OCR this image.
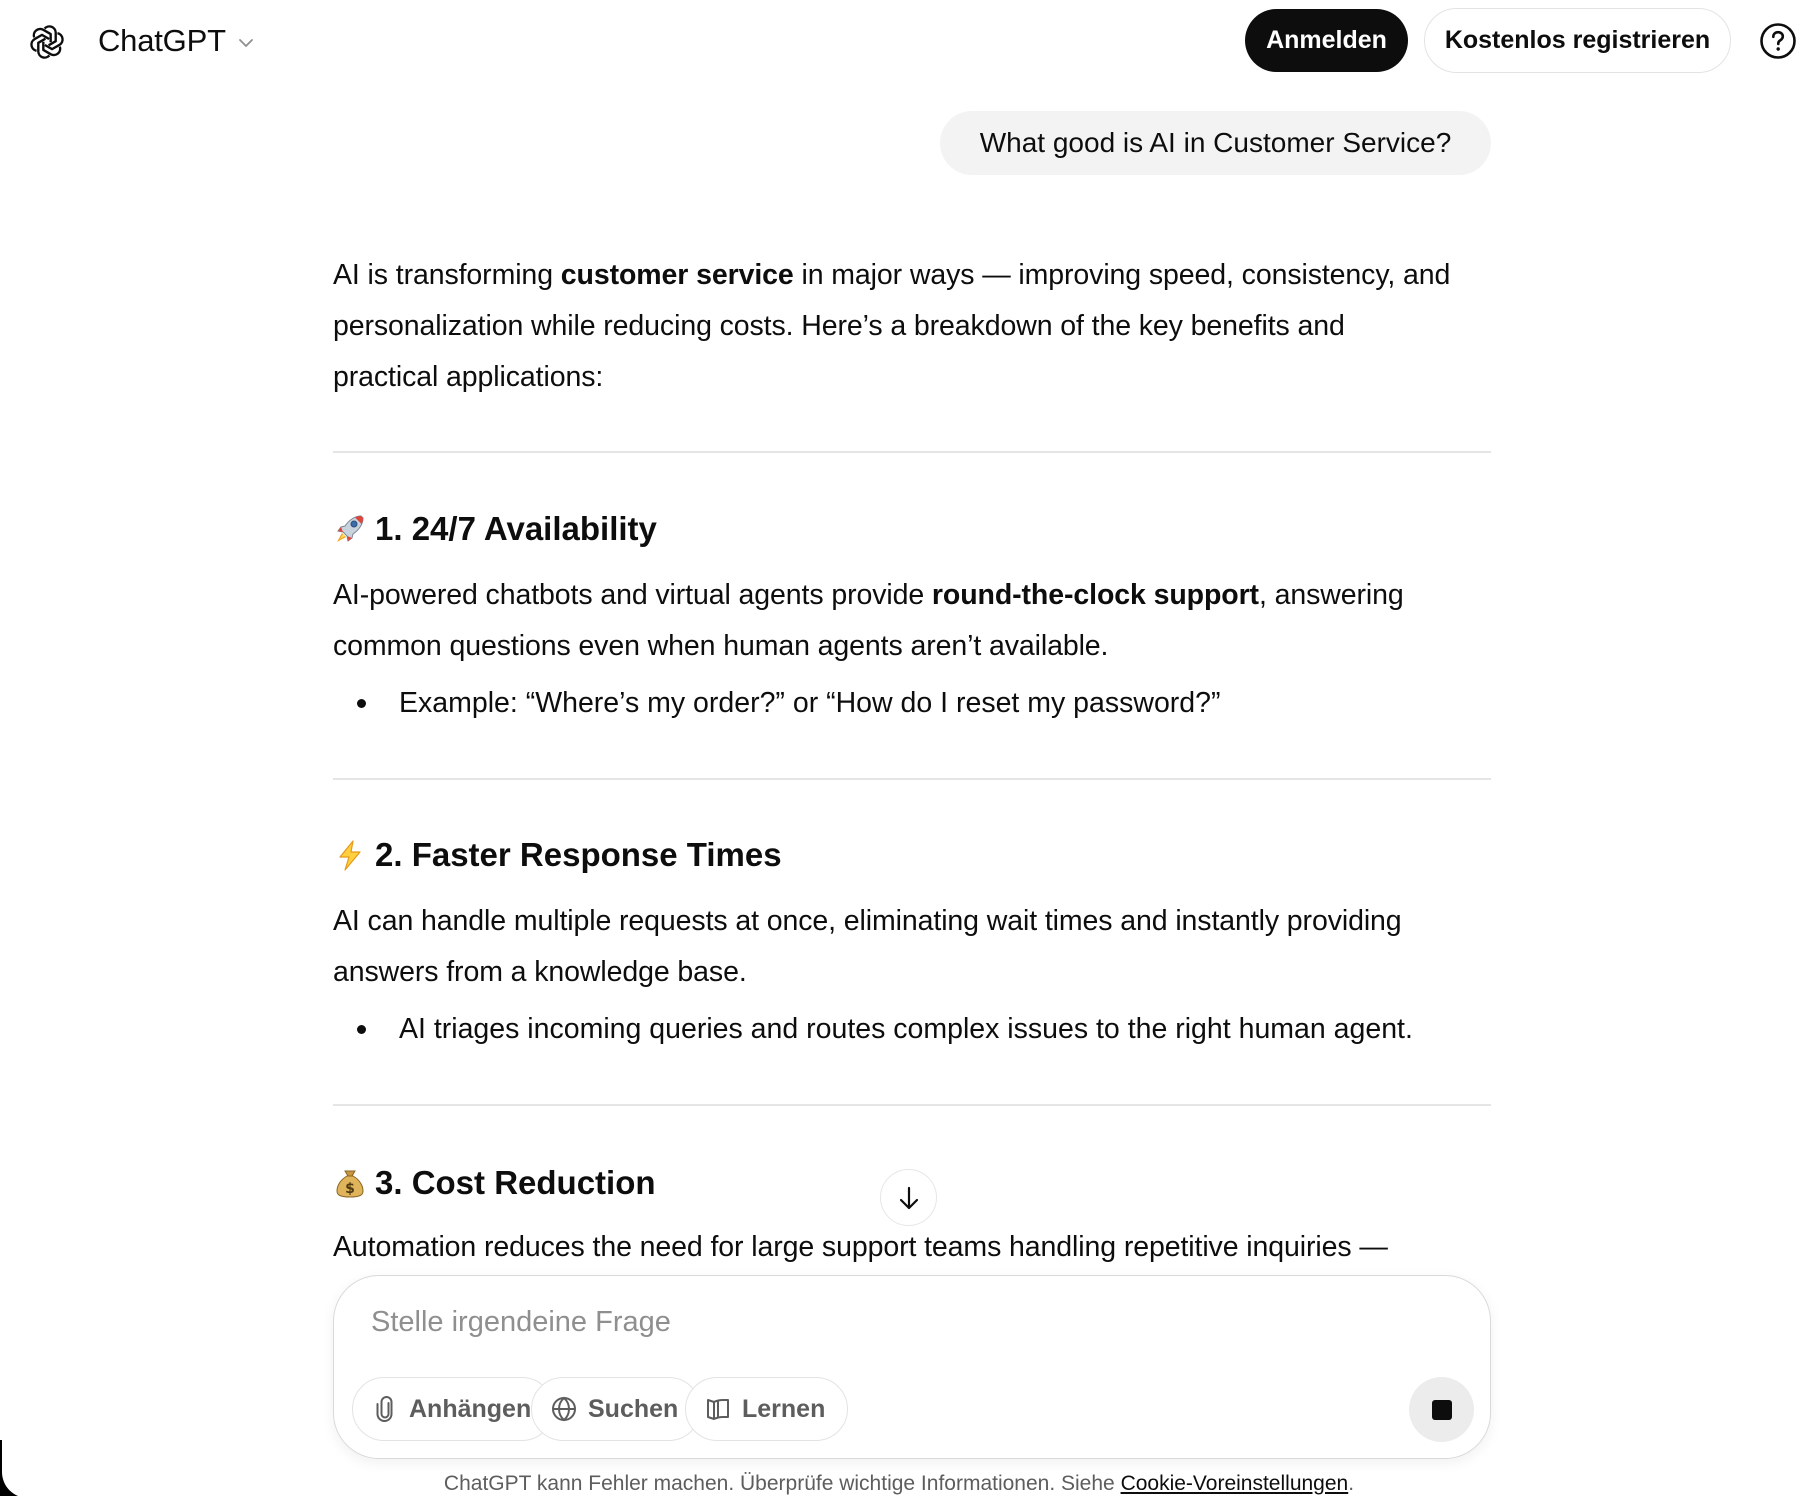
ChatGPT	Anmelden	Kostenlos registrieren
What good is AI in Customer Service?
AI is transforming customer service in major ways — improving speed, consistency, and
personalization while reducing costs. Here’s a breakdown of the key benefits and
practical applications:
1. 24/7 Availability
AI-powered chatbots and virtual agents provide round-the-clock support, answering
common questions even when human agents aren’t available.
Example: “Where’s my order?” or “How do I reset my password?”
2. Faster Response Times
AI can handle multiple requests at once, eliminating wait times and instantly providing
answers from a knowledge base.
AI triages incoming queries and routes complex issues to the right human agent.
$ 3. Cost Reduction
Automation reduces the need for large support teams handling repetitive inquiries —

Stelle irgendeine Frage
Anhängen Suchen	Lernen
ChatGPT kann Fehler machen. Überprüfe wichtige Informationen. Siehe Cookie-Voreinstellungen.
